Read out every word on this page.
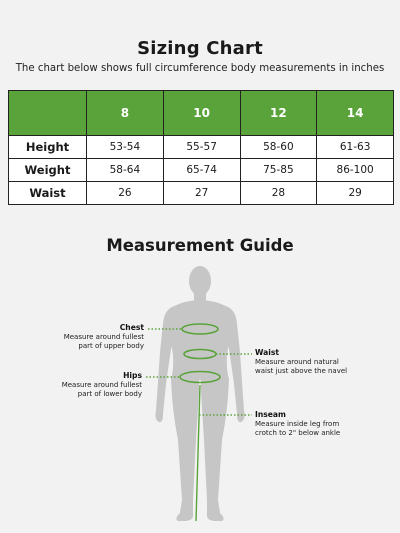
Sizing Chart
The chart below shows full circumference body measurements in inches
	8	10	12	14
Height	53-54	55-57	58-60	61-63
Weight	58-64	65-74	75-85	86-100
Waist	26	27	28	29
Measurement Guide
Chest
Measure around fullest
part of upper body
Waist
Measure around natural
waist just above the navel
Hips
Measure around fullest
part of lower body
Inseam
Measure inside leg from
crotch to 2" below ankle
